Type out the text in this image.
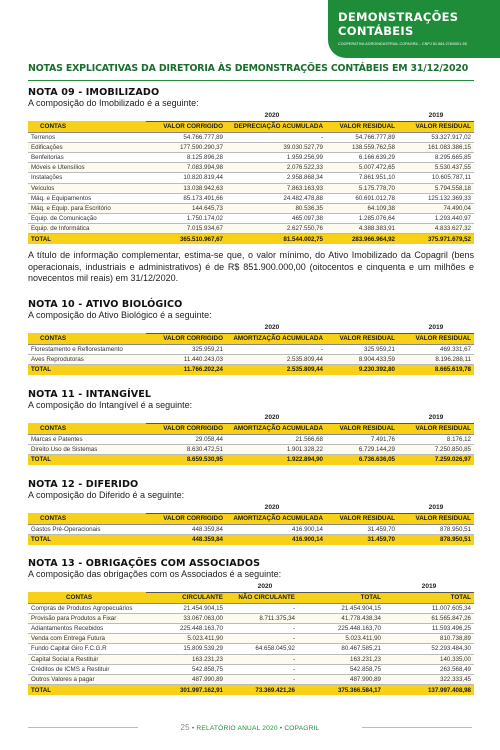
DEMONSTRAÇÕES
CONTÁBEIS
COOPERATIVA AGROINDUSTRIAL COPAGRIL - CNPJ 81.584.278/0001-55
NOTAS EXPLICATIVAS DA DIRETORIA ÀS DEMONSTRAÇÕES CONTÁBEIS EM 31/12/2020
NOTA 09 - IMOBILIZADO

A composição do Imobilizado é a seguinte:

	2020			2019
CONTAS	VALOR CORRIGIDO	DEPRECIAÇÃO ACUMULADA	VALOR RESIDUAL	VALOR RESIDUAL
Terrenos	54.766.777,89	-	54.766.777,89	53.327.917,02
Edificações	177.590.290,37	39.030.527,79	138.559.762,58	161.083.386,15
Benfeitorias	8.125.896,28	1.959.256,99	6.166.639,29	8.295.665,85
Móveis e Utensílios	7.083.994,98	2.076.522,33	5.007.472,65	5.530.437,55
Instalações	10.820.819,44	2.958.868,34	7.861.951,10	10.605.787,11
Veículos	13.038.942,63	7.863.163,93	5.175.778,70	5.794.558,18
Máq. e Equipamentos	85.173.491,66	24.482.478,88	60.691.012,78	125.132.369,33
Máq. e Equip. para Escritório	144.645,73	80.536,35	64.109,38	74.490,04
Equip. de Comunicação	1.750.174,02	465.097,38	1.285.076,64	1.293.440,97
Equip. de Informática	7.015.934,67	2.627.550,76	4.388.383,91	4.833.627,32
TOTAL	365.510.967,67	81.544.002,75	283.966.964,92	375.971.679,52

A título de informação complementar, estima-se que, o valor mínimo, do Ativo Imobilizado da Copagril (bens operacionais, industriais e administrativos) é de R$ 851.900.000,00 (oitocentos e cinquenta e um milhões e novecentos mil reais) em 31/12/2020.

NOTA 10 - ATIVO BIOLÓGICO

A composição do Ativo Biológico é a seguinte:

	2020			2019
CONTAS	VALOR CORRIGIDO	AMORTIZAÇÃO ACUMULADA	VALOR RESIDUAL	VALOR RESIDUAL
Florestamento e Reflorestamento	325.959,21	-	325.959,21	469.331,67
Aves Reprodutoras	11.440.243,03	2.535.809,44	8.904.433,59	8.196.288,11
TOTAL	11.766.202,24	2.535.809,44	9.230.392,80	8.665.619,78
NOTA 11 - INTANGÍVEL

A composição do Intangível é a seguinte:

	2020			2019
CONTAS	VALOR CORRIGIDO	AMORTIZAÇÃO ACUMULADA	VALOR RESIDUAL	VALOR RESIDUAL
Marcas e Patentes	29.058,44	21.566,68	7.491,76	8.176,12
Direito Uso de Sistemas	8.630.472,51	1.901.328,22	6.729.144,29	7.250.850,85
TOTAL	8.659.530,95	1.922.894,90	6.736.636,05	7.259.026,97
NOTA 12 - DIFERIDO

A composição do Diferido é a seguinte:

	2020			2019
CONTAS	VALOR CORRIGIDO	AMORTIZAÇÃO ACUMULADA	VALOR RESIDUAL	VALOR RESIDUAL
Gastos Pré-Operacionais	448.359,84	416.900,14	31.459,70	878.950,51
TOTAL	448.359,84	416.900,14	31.459,70	878.950,51
NOTA 13 - OBRIGAÇÕES COM ASSOCIADOS

A composição das obrigações com os Associados é a seguinte:

	2020			2019
CONTAS	CIRCULANTE	NÃO CIRCULANTE	TOTAL	TOTAL
Compras de Produtos Agropecuários	21.454.904,15	-	21.454.904,15	11.007.605,34
Provisão para Produtos a Fixar	33.067.063,00	8.711.375,34	41.778.438,34	61.565.847,26
Adiantamentos Recebidos	225.448.163,70	-	225.448.163,70	11.593.496,25
Venda com Entrega Futura	5.023.411,90	-	5.023.411,90	810.738,89
Fundo Capital Giro F.C.G.R	15.809.539,29	64.658.045,92	80.467.585,21	52.293.484,30
Capital Social a Restituir	163.231,23	-	163.231,23	140.335,00
Créditos de ICMS a Restituir	542.858,75	-	542.858,75	263.568,49
Outros Valores a pagar	487.990,89	-	487.990,89	322.333,45
TOTAL	301.997.162,91	73.369.421,26	375.366.584,17	137.997.408,98
25 • RELATÓRIO ANUAL 2020 • COPAGRIL
